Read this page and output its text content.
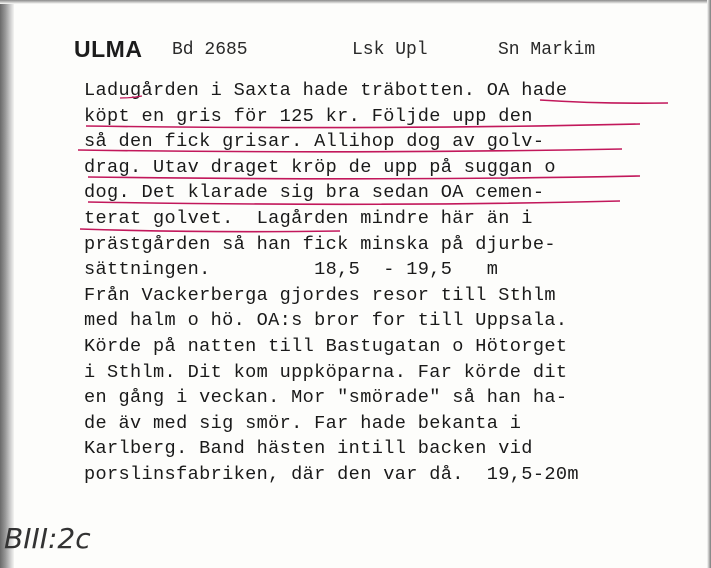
ULMA Bd 2685	Lsk Upl	Sn Markim
Ladugården i Saxta hade träbotten. OA hade
köpt en gris för 125 kr. Följde upp den
så den fick grisar. Allihop dog av golv-
drag. Utav draget kröp de upp på suggan o
dog. Det klarade sig bra sedan OA cemen-
terat golvet.  Lagården mindre här än i
prästgården så han fick minska på djurbe-
sättningen.         18,5  - 19,5   m
Från Vackerberga gjordes resor till Sthlm
med halm o hö. OA:s bror for till Uppsala.
Körde på natten till Bastugatan o Hötorget
i Sthlm. Dit kom uppköparna. Far körde dit
en gång i veckan. Mor "smörade" så han ha-
de äv med sig smör. Far hade bekanta i
Karlberg. Band hästen intill backen vid
porslinsfabriken, där den var då.  19,5-20m
BIII:2c
